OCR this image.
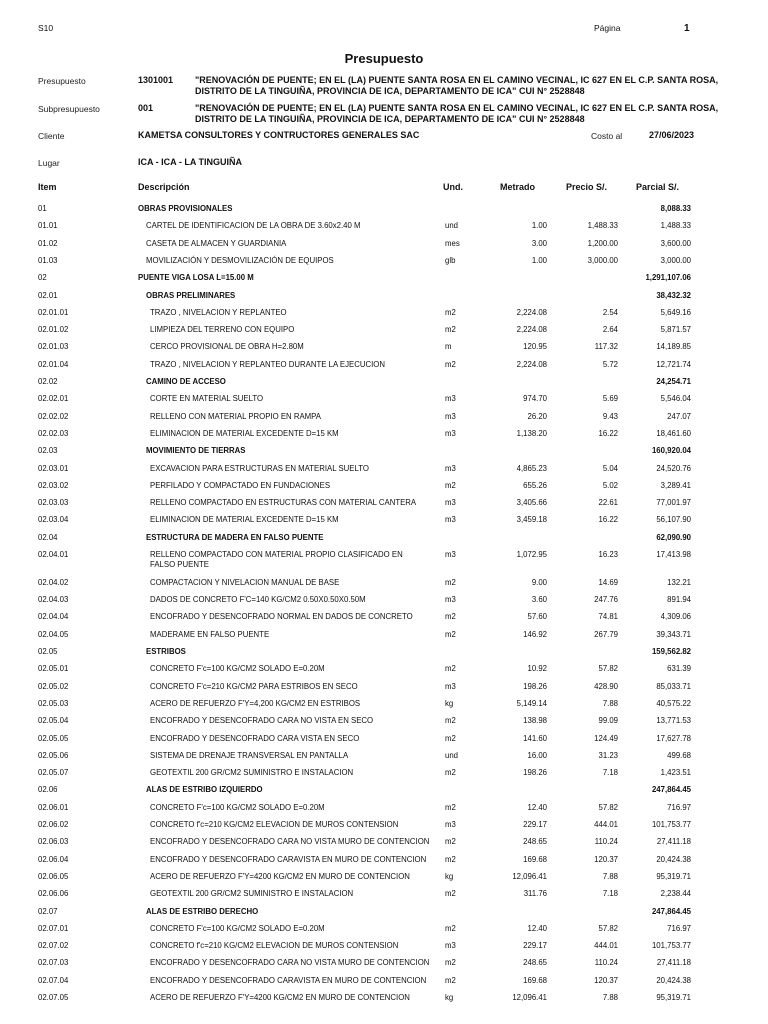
S10	Página	1
Presupuesto
Presupuesto	1301001 "RENOVACIÓN DE PUENTE; EN EL (LA) PUENTE SANTA ROSA EN EL CAMINO VECINAL, IC 627 EN EL C.P. SANTA ROSA,
DISTRITO DE LA TINGUIÑA, PROVINCIA DE ICA, DEPARTAMENTO DE ICA" CUI N° 2528848
Subpresupuesto	001	"RENOVACIÓN DE PUENTE; EN EL (LA) PUENTE SANTA ROSA EN EL CAMINO VECINAL, IC 627 EN EL C.P. SANTA ROSA,
DISTRITO DE LA TINGUIÑA, PROVINCIA DE ICA, DEPARTAMENTO DE ICA" CUI N° 2528848
Cliente	KAMETSA CONSULTORES Y CONTRUCTORES GENERALES SAC	Costo al	27/06/2023
Lugar	ICA - ICA - LA TINGUIÑA
Item	Descripción	Und.	Metrado	Precio S/.	Parcial S/.
01	OBRAS PROVISIONALES	8,088.33
01.01	CARTEL DE IDENTIFICACION DE LA OBRA DE 3.60x2.40 M	und	1.00	1,488.33	1,488.33
01.02	CASETA DE ALMACEN Y GUARDIANIA	mes	3.00	1,200.00	3,600.00
01.03	MOVILIZACIÓN Y DESMOVILIZACIÓN DE EQUIPOS	glb	1.00	3,000.00	3,000.00
02	PUENTE VIGA LOSA L=15.00 M	1,291,107.06
02.01	OBRAS PRELIMINARES	38,432.32
02.01.01	TRAZO , NIVELACION Y REPLANTEO	m2	2,224.08	2.54	5,649.16
02.01.02	LIMPIEZA DEL TERRENO CON EQUIPO	m2	2,224.08	2.64	5,871.57
02.01.03	CERCO PROVISIONAL DE OBRA H=2.80M	m	120.95	117.32	14,189.85
02.01.04	TRAZO , NIVELACION Y REPLANTEO DURANTE LA EJECUCION	m2	2,224.08	5.72	12,721.74
02.02	CAMINO DE ACCESO	24,254.71
02.02.01	CORTE EN MATERIAL SUELTO	m3	974.70	5.69	5,546.04
02.02.02	RELLENO CON MATERIAL PROPIO EN RAMPA	m3	26.20	9.43	247.07
02.02.03	ELIMINACION DE MATERIAL EXCEDENTE D=15 KM	m3	1,138.20	16.22	18,461.60
02.03	MOVIMIENTO DE TIERRAS	160,920.04
02.03.01	EXCAVACION PARA ESTRUCTURAS EN MATERIAL SUELTO	m3	4,865.23	5.04	24,520.76
02.03.02	PERFILADO Y COMPACTADO EN FUNDACIONES	m2	655.26	5.02	3,289.41
02.03.03	RELLENO COMPACTADO EN ESTRUCTURAS CON MATERIAL CANTERA	m3	3,405.66	22.61	77,001.97
02.03.04	ELIMINACION DE MATERIAL EXCEDENTE D=15 KM	m3	3,459.18	16.22	56,107.90
02.04	ESTRUCTURA DE MADERA EN FALSO PUENTE	62,090.90
02.04.01	RELLENO COMPACTADO CON MATERIAL PROPIO CLASIFICADO EN FALSO PUENTE
m3	1,072.95	16.23	17,413.98
02.04.02	COMPACTACION Y NIVELACION MANUAL DE BASE	m2	9.00	14.69	132.21
02.04.03	DADOS DE CONCRETO F'C=140 KG/CM2 0.50X0.50X0.50M	m3	3.60	247.76	891.94
02.04.04	ENCOFRADO Y DESENCOFRADO NORMAL EN DADOS DE CONCRETO	m2	57.60	74.81	4,309.06
02.04.05	MADERAME EN FALSO PUENTE	m2	146.92	267.79	39,343.71
02.05	ESTRIBOS	159,562.82
02.05.01	CONCRETO F'c=100 KG/CM2 SOLADO E=0.20M	m2	10.92	57.82	631.39
02.05.02	CONCRETO F'c=210 KG/CM2 PARA ESTRIBOS EN SECO	m3	198.26	428.90	85,033.71
02.05.03	ACERO DE REFUERZO F'Y=4,200 KG/CM2 EN ESTRIBOS	kg	5,149.14	7.88	40,575.22
02.05.04	ENCOFRADO Y DESENCOFRADO CARA NO VISTA EN SECO	m2	138.98	99.09	13,771.53
02.05.05	ENCOFRADO Y DESENCOFRADO CARA VISTA EN SECO	m2	141.60	124.49	17,627.78
02.05.06	SISTEMA DE DRENAJE TRANSVERSAL EN PANTALLA	und	16.00	31.23	499.68
02.05.07	GEOTEXTIL 200 GR/CM2 SUMINISTRO E INSTALACION	m2	198.26	7.18	1,423.51
02.06	ALAS DE ESTRIBO IZQUIERDO	247,864.45
02.06.01	CONCRETO F'c=100 KG/CM2 SOLADO E=0.20M	m2	12.40	57.82	716.97
02.06.02	CONCRETO f'c=210 KG/CM2 ELEVACION DE MUROS CONTENSION	m3	229.17	444.01	101,753.77
02.06.03	ENCOFRADO Y DESENCOFRADO CARA NO VISTA MURO DE CONTENCION m2	248.65	110.24	27,411.18
02.06.04	ENCOFRADO Y DESENCOFRADO CARAVISTA EN MURO DE CONTENCION m2	169.68	120.37	20,424.38
02.06.05	ACERO DE REFUERZO F'Y=4200 KG/CM2 EN MURO DE CONTENCION	kg	12,096.41	7.88	95,319.71
02.06.06	GEOTEXTIL 200 GR/CM2 SUMINISTRO E INSTALACION	m2	311.76	7.18	2,238.44
02.07	ALAS DE ESTRIBO DERECHO	247,864.45
02.07.01	CONCRETO F'c=100 KG/CM2 SOLADO E=0.20M	m2	12.40	57.82	716.97
02.07.02	CONCRETO f'c=210 KG/CM2 ELEVACION DE MUROS CONTENSION	m3	229.17	444.01	101,753.77
02.07.03	ENCOFRADO Y DESENCOFRADO CARA NO VISTA MURO DE CONTENCION m2	248.65	110.24	27,411.18
02.07.04	ENCOFRADO Y DESENCOFRADO CARAVISTA EN MURO DE CONTENCION m2	169.68	120.37	20,424.38
02.07.05	ACERO DE REFUERZO F'Y=4200 KG/CM2 EN MURO DE CONTENCION	kg	12,096.41	7.88	95,319.71
